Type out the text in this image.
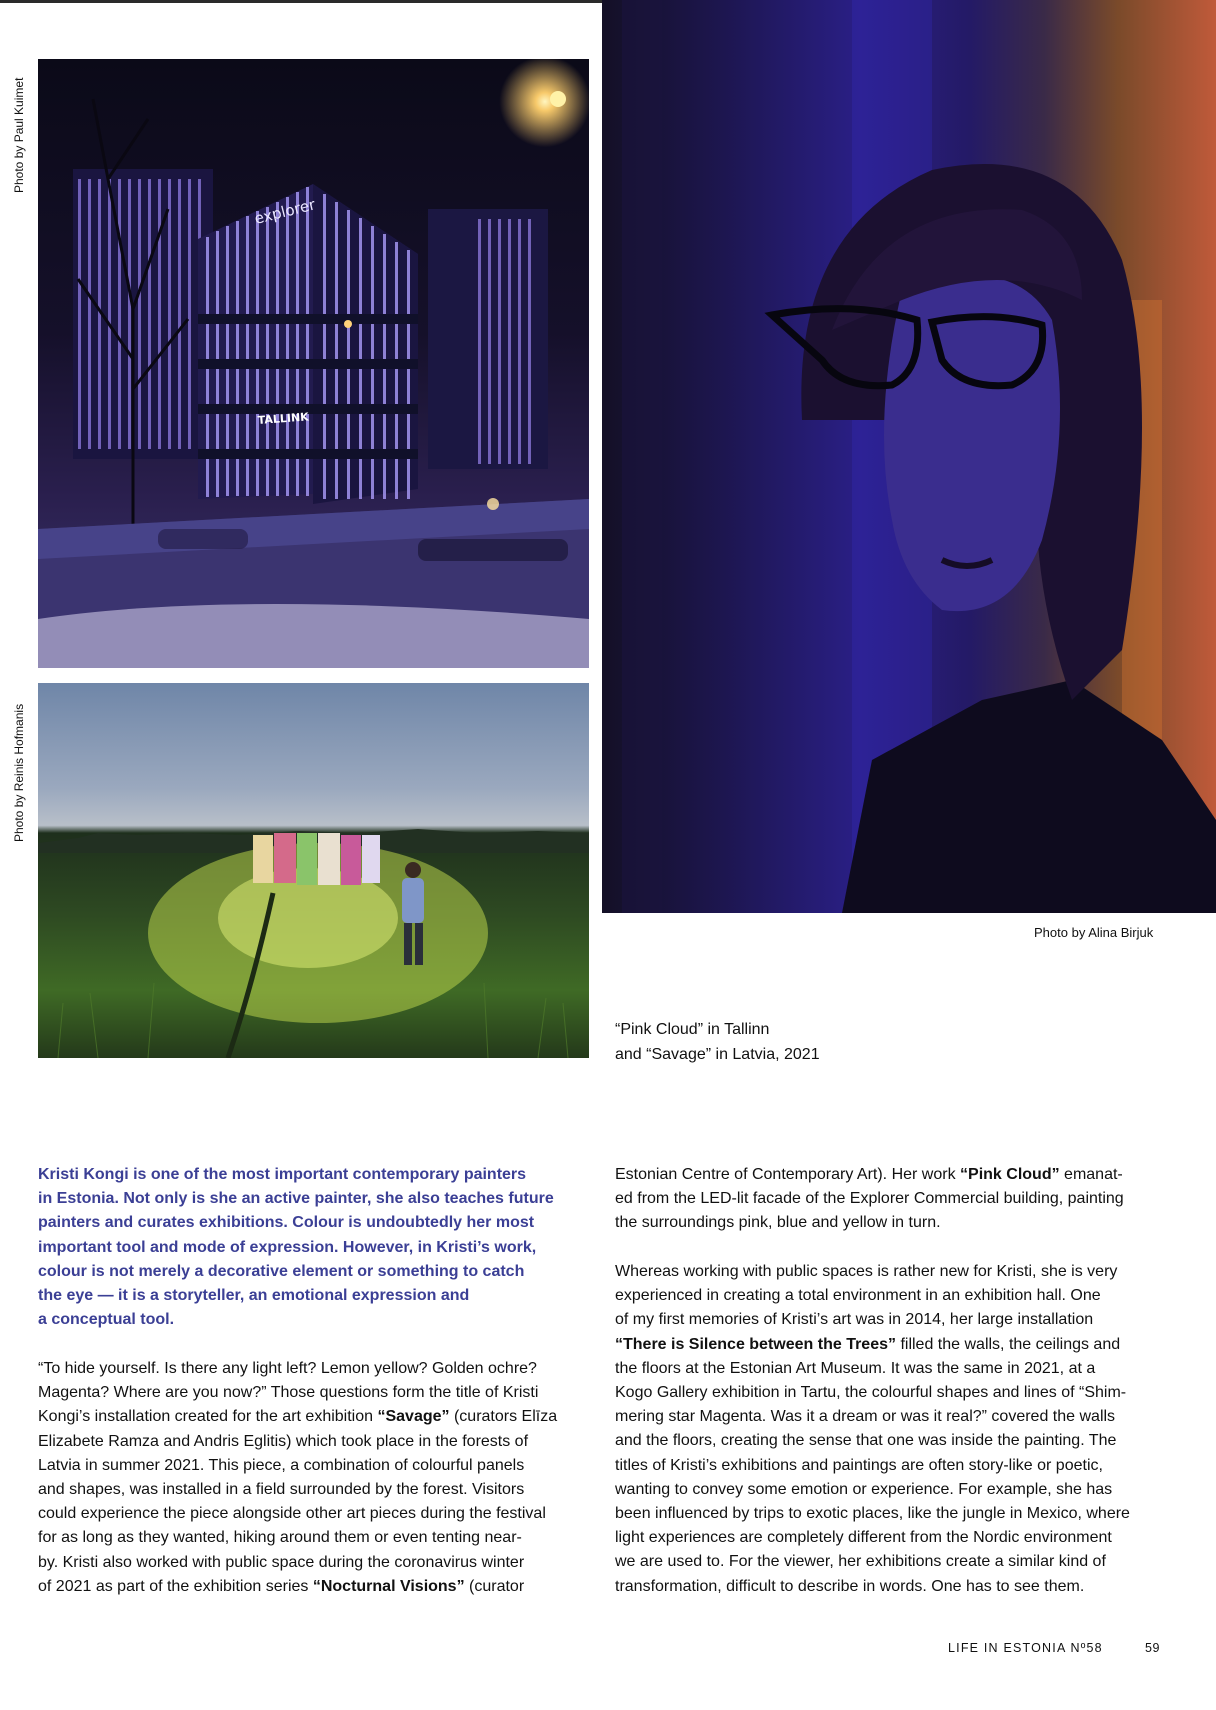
Photo by Paul Kuimet
Photo by Reinis Hofmanis
explorer
TALLINK
Photo by Alina Birjuk
“Pink Cloud” in Tallinn
and “Savage” in Latvia, 2021
Kristi Kongi is one of the most important contemporary painters
in Estonia. Not only is she an active painter, she also teaches future
painters and curates exhibitions. Colour is undoubtedly her most
important tool and mode of expression. However, in Kristi’s work,
colour is not merely a decorative element or something to catch
the eye — it is a storyteller, an emotional expression and
a conceptual tool.
“To hide yourself. Is there any light left? Lemon yellow? Golden ochre?
Magenta? Where are you now?” Those questions form the title of Kristi
Kongi’s installation created for the art exhibition “Savage” (curators Elīza
Elizabete Ramza and Andris Eglitis) which took place in the forests of
Latvia in summer 2021. This piece, a combination of colourful panels
and shapes, was installed in a field surrounded by the forest. Visitors
could experience the piece alongside other art pieces during the festival
for as long as they wanted, hiking around them or even tenting near-
by. Kristi also worked with public space during the coronavirus winter
of 2021 as part of the exhibition series “Nocturnal Visions” (curator
Estonian Centre of Contemporary Art). Her work “Pink Cloud” emanat-
ed from the LED-lit facade of the Explorer Commercial building, painting
the surroundings pink, blue and yellow in turn.
Whereas working with public spaces is rather new for Kristi, she is very
experienced in creating a total environment in an exhibition hall. One
of my first memories of Kristi’s art was in 2014, her large installation
“There is Silence between the Trees” filled the walls, the ceilings and
the floors at the Estonian Art Museum. It was the same in 2021, at a
Kogo Gallery exhibition in Tartu, the colourful shapes and lines of “Shim-
mering star Magenta. Was it a dream or was it real?” covered the walls
and the floors, creating the sense that one was inside the painting. The
titles of Kristi’s exhibitions and paintings are often story-like or poetic,
wanting to convey some emotion or experience. For example, she has
been influenced by trips to exotic places, like the jungle in Mexico, where
light experiences are completely different from the Nordic environment
we are used to. For the viewer, her exhibitions create a similar kind of
transformation, difficult to describe in words. One has to see them.
LIFE IN ESTONIA Nº58	59
